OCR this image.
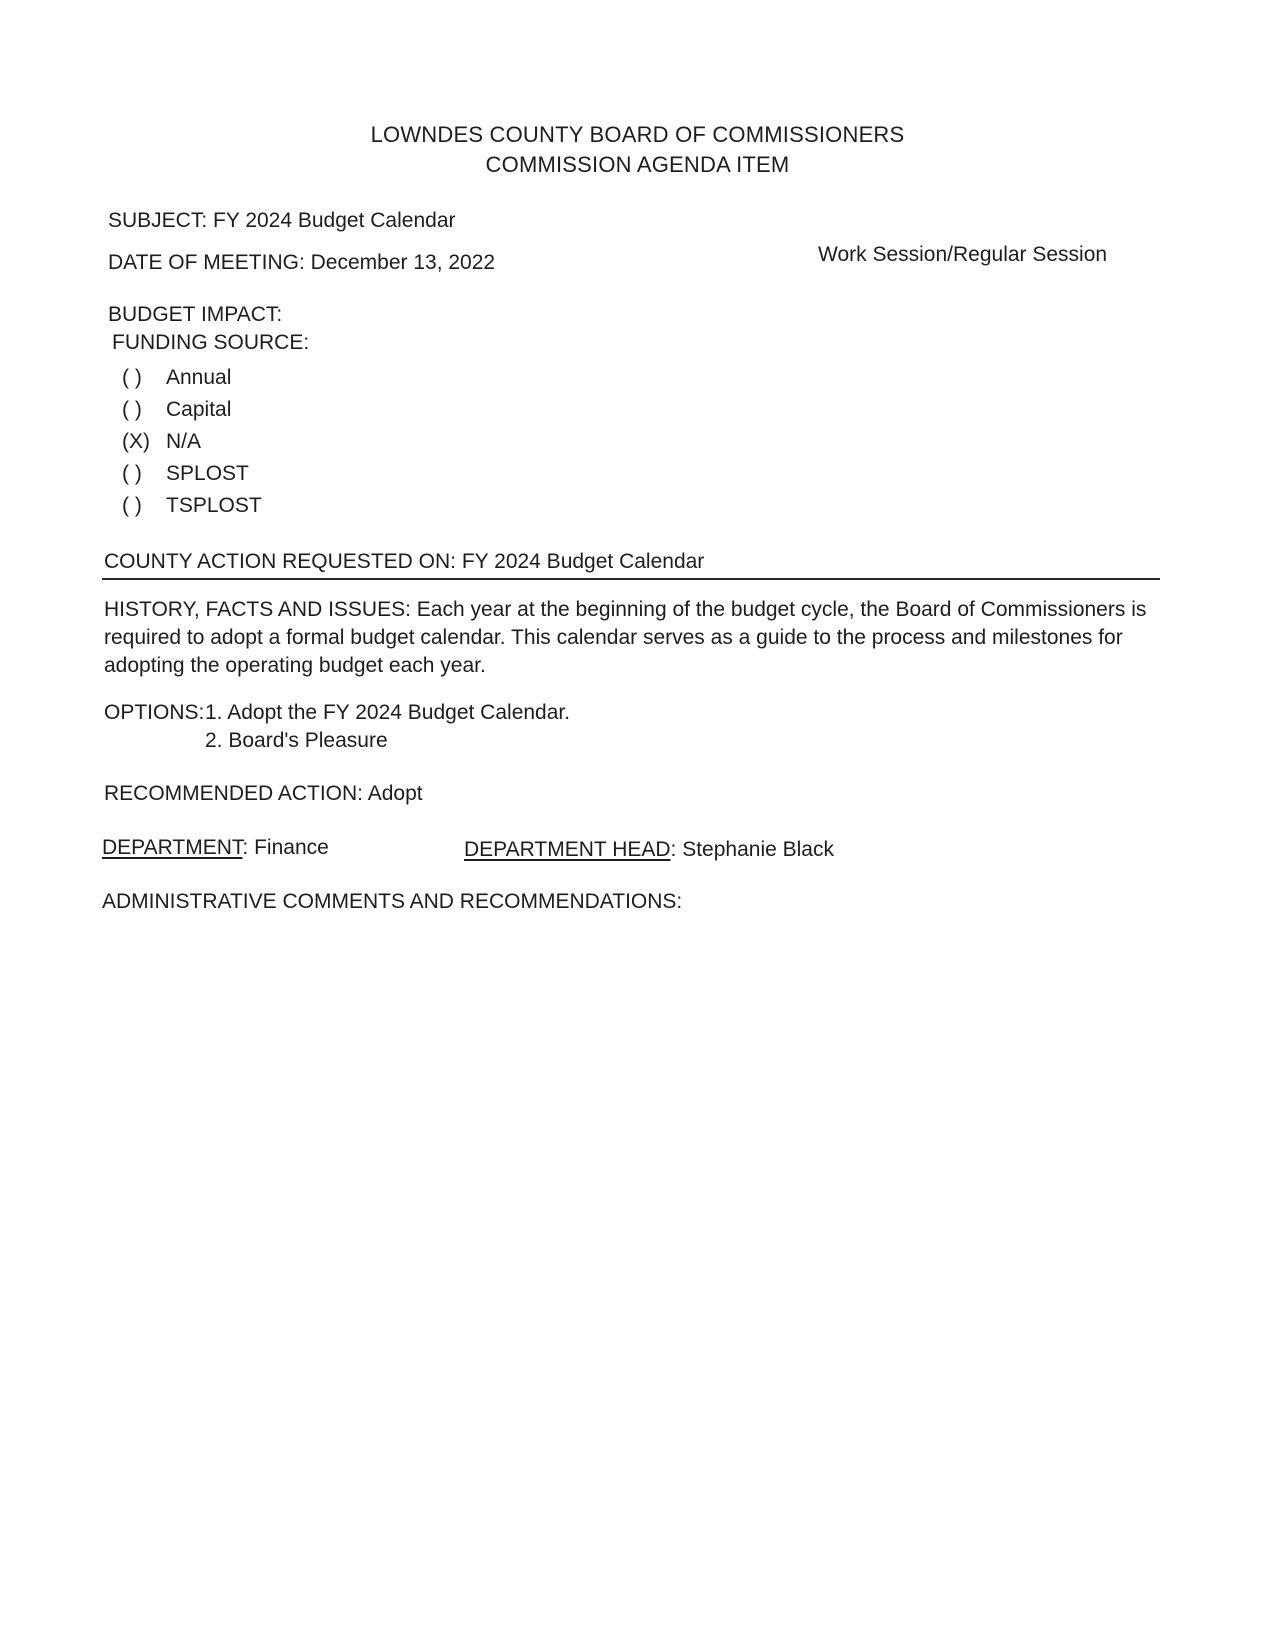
LOWNDES COUNTY BOARD OF COMMISSIONERS
COMMISSION AGENDA ITEM
SUBJECT: FY 2024 Budget Calendar
DATE OF MEETING: December 13, 2022	Work Session/Regular Session
BUDGET IMPACT:
FUNDING SOURCE:
( ) Annual
( ) Capital
(X) N/A
( ) SPLOST
( ) TSPLOST
COUNTY ACTION REQUESTED ON: FY 2024 Budget Calendar
HISTORY, FACTS AND ISSUES: Each year at the beginning of the budget cycle, the Board of Commissioners is required to adopt a formal budget calendar. This calendar serves as a guide to the process and milestones for adopting the operating budget each year.
OPTIONS: 1. Adopt the FY 2024 Budget Calendar.
2. Board's Pleasure
RECOMMENDED ACTION: Adopt
DEPARTMENT: Finance	DEPARTMENT HEAD: Stephanie Black
ADMINISTRATIVE COMMENTS AND RECOMMENDATIONS:
